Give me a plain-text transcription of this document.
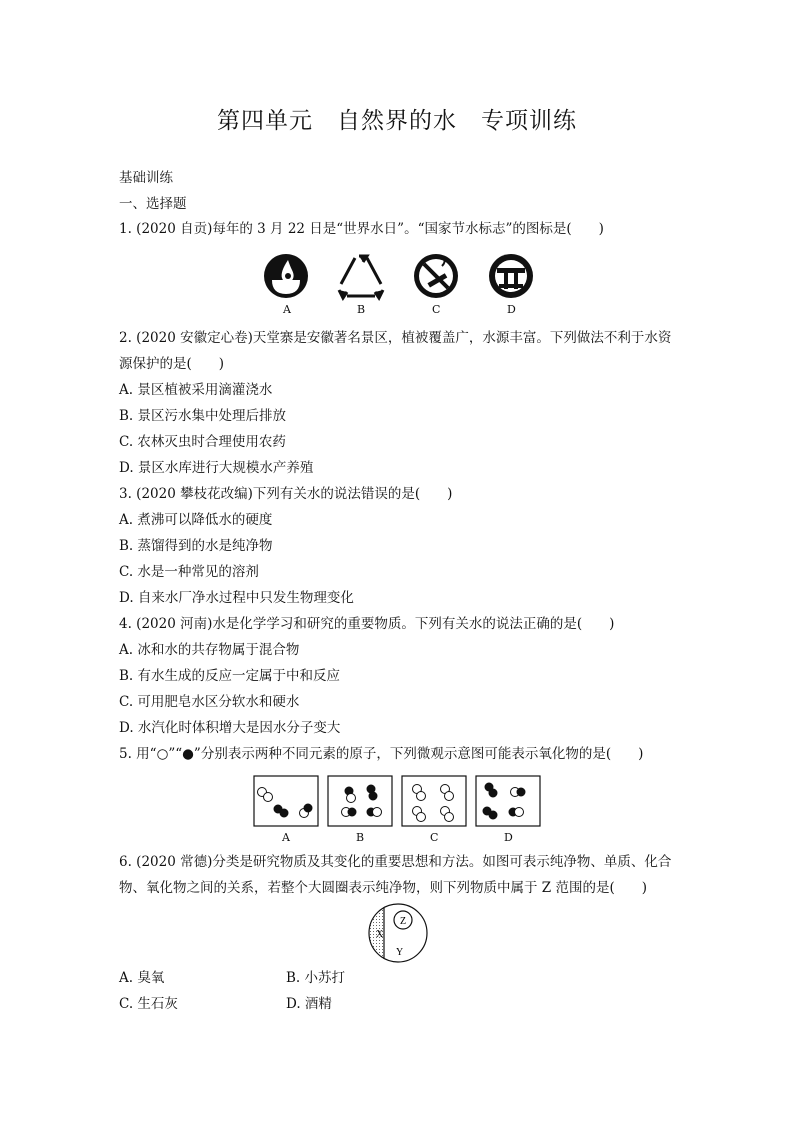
第四单元　自然界的水　专项训练
基础训练
一、选择题
1. (2020 自贡)每年的 3 月 22 日是“世界水日”。“国家节水标志”的图标是(　　)
A	B	C	D
2. (2020 安徽定心卷)天堂寨是安徽著名景区，植被覆盖广，水源丰富。下列做法不利于水资
源保护的是(　　)
A. 景区植被采用滴灌浇水
B. 景区污水集中处理后排放
C. 农林灭虫时合理使用农药
D. 景区水库进行大规模水产养殖
3. (2020 攀枝花改编)下列有关水的说法错误的是(　　)
A. 煮沸可以降低水的硬度
B. 蒸馏得到的水是纯净物
C. 水是一种常见的溶剂
D. 自来水厂净水过程中只发生物理变化
4. (2020 河南)水是化学学习和研究的重要物质。下列有关水的说法正确的是(　　)
A. 冰和水的共存物属于混合物
B. 有水生成的反应一定属于中和反应
C. 可用肥皂水区分软水和硬水
D. 水汽化时体积增大是因水分子变大
5. 用“○”“●”分别表示两种不同元素的原子，下列微观示意图可能表示氧化物的是(　　)
A	B	C	D
6. (2020 常德)分类是研究物质及其变化的重要思想和方法。如图可表示纯净物、单质、化合
物、氧化物之间的关系，若整个大圆圈表示纯净物，则下列物质中属于 Z 范围的是(　　)
X
Z
Y
A. 臭氧	B. 小苏打
C. 生石灰	D. 酒精
